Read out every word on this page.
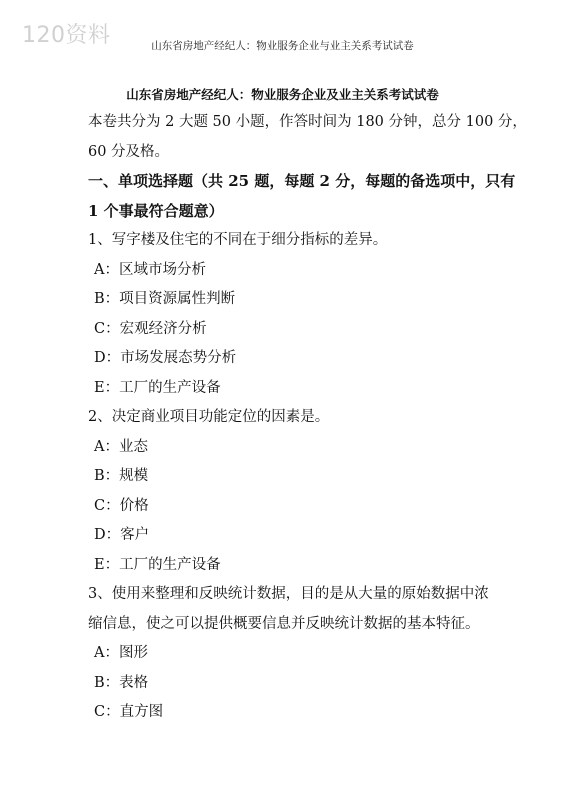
120资料	山东省房地产经纪人：物业服务企业与业主关系考试试卷
山东省房地产经纪人：物业服务企业及业主关系考试试卷
本卷共分为 2 大题 50 小题，作答时间为 180 分钟，总分 100 分，
60 分及格。
一、单项选择题（共 25 题，每题 2 分，每题的备选项中，只有
1 个事最符合题意）
1、写字楼及住宅的不同在于细分指标的差异。
A：区域市场分析
B：项目资源属性判断
C：宏观经济分析
D：市场发展态势分析
E：工厂的生产设备
2、决定商业项目功能定位的因素是。
A：业态
B：规模
C：价格
D：客户
E：工厂的生产设备
3、使用来整理和反映统计数据，目的是从大量的原始数据中浓
缩信息，使之可以提供概要信息并反映统计数据的基本特征。
A：图形
B：表格
C：直方图
